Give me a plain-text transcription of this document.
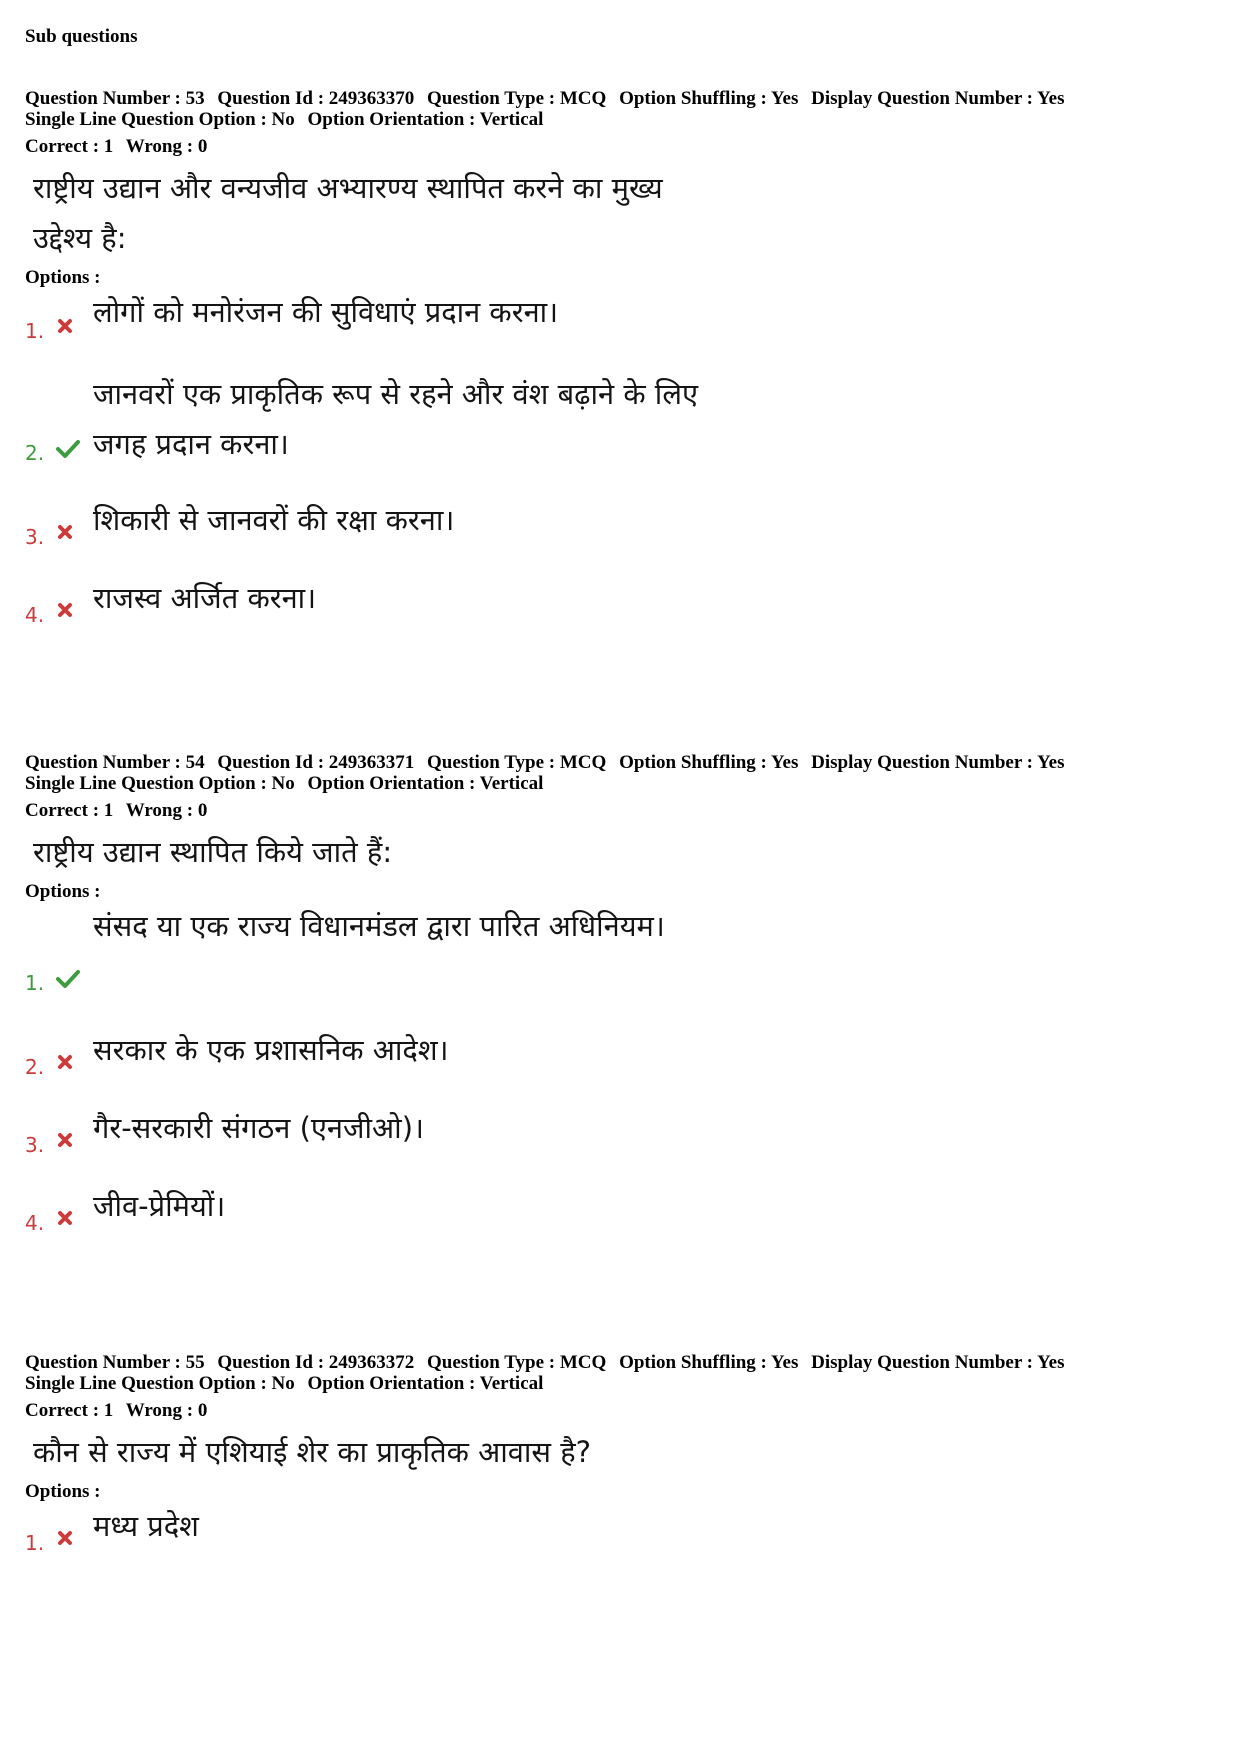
Sub questions

Question Number : 53 Question Id : 249363370 Question Type : MCQ Option Shuffling : Yes Display Question Number : Yes

Single Line Question Option : No Option Orientation : Vertical

Correct : 1 Wrong : 0

राष्ट्रीय उद्यान और वन्यजीव अभ्यारण्य स्थापित करने का मुख्य उद्देश्य है:

Options :

1.
लोगों को मनोरंजन की सुविधाएं प्रदान करना।
2.
जानवरों एक प्राकृतिक रूप से रहने और वंश बढ़ाने के लिए जगह प्रदान करना।
3. शिकारी से जानवरों की रक्षा करना।
4. राजस्व अर्जित करना।

Question Number : 54 Question Id : 249363371 Question Type : MCQ Option Shuffling : Yes Display Question Number : Yes

Single Line Question Option : No Option Orientation : Vertical

Correct : 1 Wrong : 0

राष्ट्रीय उद्यान स्थापित किये जाते हैं:

Options :

1.
संसद या एक राज्य विधानमंडल द्वारा पारित अधिनियम।
2. सरकार के एक प्रशासनिक आदेश।
3. गैर-सरकारी संगठन (एनजीओ)।
4. जीव-प्रेमियों।

Question Number : 55 Question Id : 249363372 Question Type : MCQ Option Shuffling : Yes Display Question Number : Yes

Single Line Question Option : No Option Orientation : Vertical

Correct : 1 Wrong : 0

कौन से राज्य में एशियाई शेर का प्राकृतिक आवास है?

Options :

1. मध्य प्रदेश
